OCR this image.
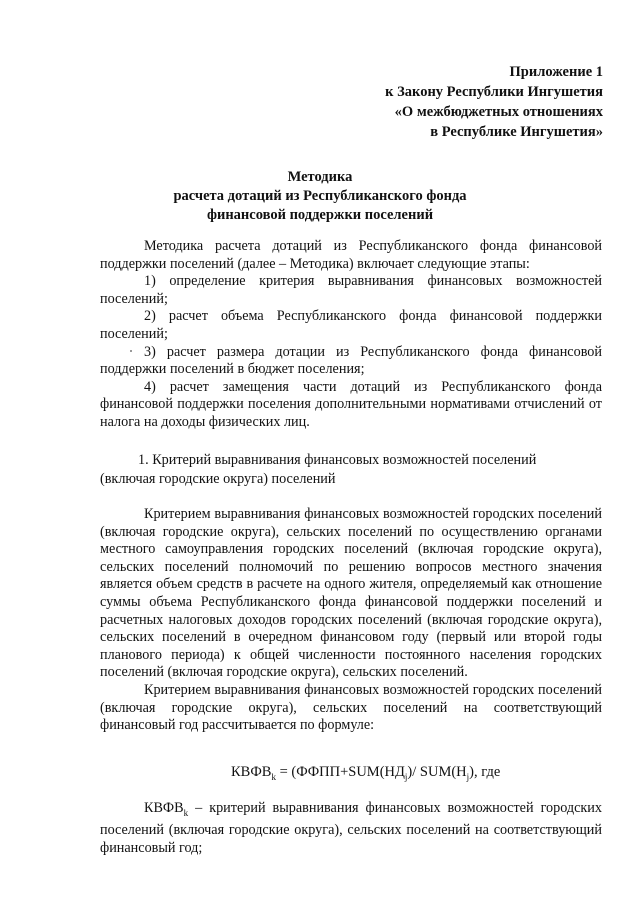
Приложение 1
к Закону Республики Ингушетия
«О межбюджетных отношениях
в Республике Ингушетия»
Методика
расчета дотаций из Республиканского фонда
финансовой поддержки поселений

Методика расчета дотаций из Республиканского фонда финансовой поддержки поселений (далее – Методика) включает следующие этапы:

1) определение критерия выравнивания финансовых возможностей поселений;

2) расчет объема Республиканского фонда финансовой поддержки поселений;

3) расчет размера дотации из Республиканского фонда финансовой поддержки поселений в бюджет поселения;

4) расчет замещения части дотаций из Республиканского фонда финансовой поддержки поселения дополнительными нормативами отчислений от налога на доходы физических лиц.

1. Критерий выравнивания финансовых возможностей поселений
(включая городские округа) поселений

Критерием выравнивания финансовых возможностей городских поселений (включая городские округа), сельских поселений по осуществлению органами местного самоуправления городских поселений (включая городские округа), сельских поселений полномочий по решению вопросов местного значения является объем средств в расчете на одного жителя, определяемый как отношение суммы объема Республиканского фонда финансовой поддержки поселений и расчетных налоговых доходов городских поселений (включая городские округа), сельских поселений в очередном финансовом году (первый или второй годы планового периода) к общей численности постоянного населения городских поселений (включая городские округа), сельских поселений.

Критерием выравнивания финансовых возможностей городских поселений (включая городские округа), сельских поселений на соответствующий финансовый год рассчитывается по формуле:

$КВФВ_k$ = ($ФФПП+SUM(НД_j)/$ $SUM(Н_j)$, где

$КВФВ_k$ – критерий выравнивания финансовых возможностей городских поселений (включая городские округа), сельских поселений на соответствующий финансовый год;
